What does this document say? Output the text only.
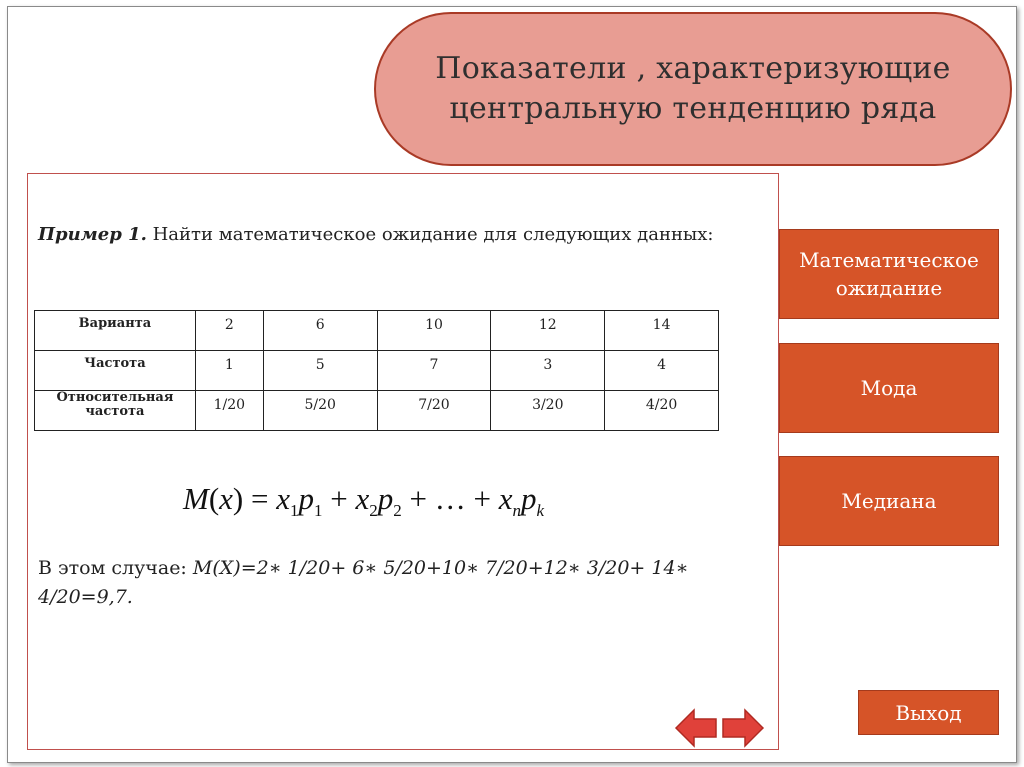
Показатели , характеризующие центральную тенденцию ряда
Пример 1. Найти математическое ожидание для следующих данных:
Варианта	2	6	10	12	14
Частота	1	5	7	3	4
Относительная частота	1/20	5/20	7/20	3/20	4/20
$M(x) = x_1p_1 + x_2p_2$ + … + $x_np_k$
В этом случае: M(X)=2∗ 1/20+ 6∗ 5/20+10∗ 7/20+12∗ 3/20+ 14∗ 4/20=9,7.
Математическое ожидание
Мода
Медиана
Выход
